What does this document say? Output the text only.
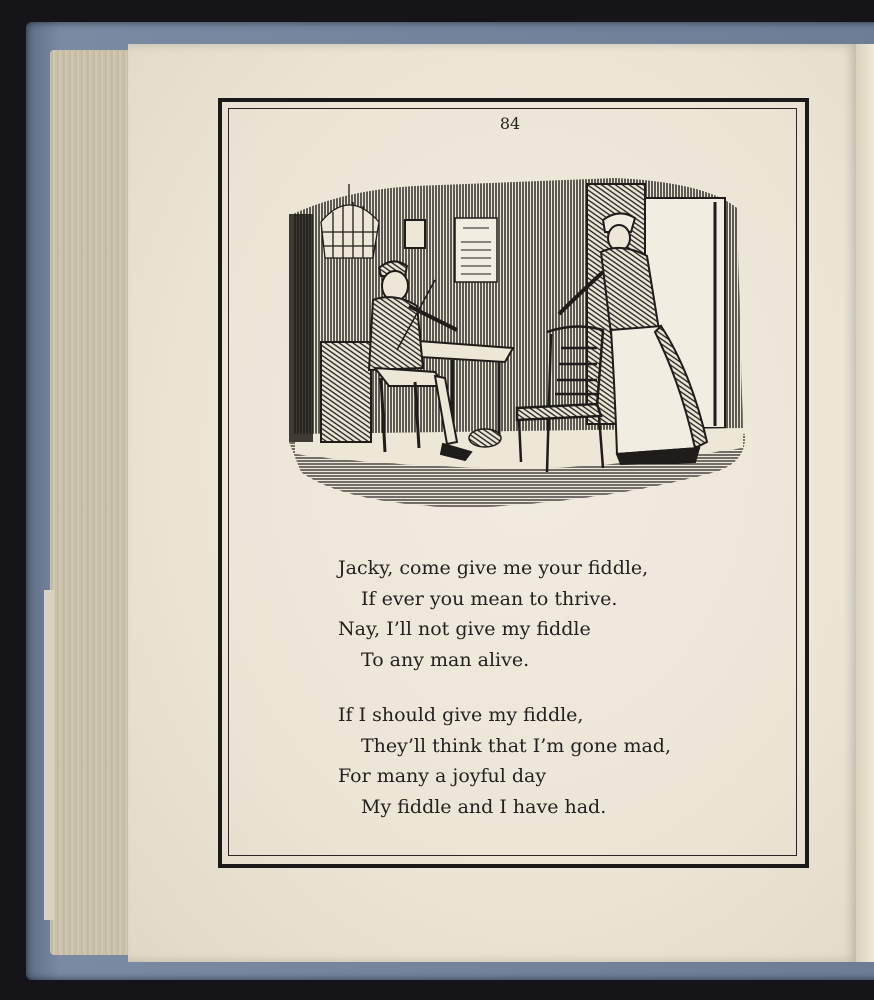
84
Jacky, come give me your fiddle,
If ever you mean to thrive.
Nay, I’ll not give my fiddle
To any man alive.
If I should give my fiddle,
They’ll think that I’m gone mad,
For many a joyful day
My fiddle and I have had.
